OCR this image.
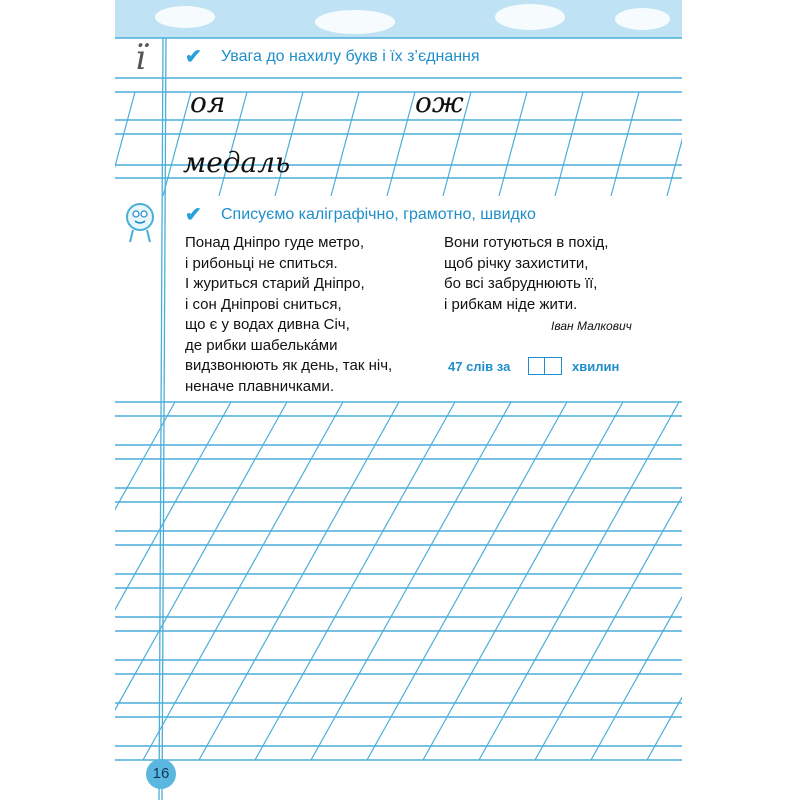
ї ✔ Увага до нахилу букв і їх з’єднання
оя	ож
медаль
✔ Списуємо каліграфічно, грамотно, швидко
Понад Дніпро гуде метро,
і рибоньці не спиться.
І журиться старий Дніпро,
і сон Дніпрові сниться,
що є у водах дивна Січ,
де рибки шабелькáми
видзвонюють як день, так ніч,
неначе плавничками.
Вони готуються в похід,
щоб річку захистити,
бо всі забруднюють її,
і рибкам ніде жити.
Іван Малкович
47 слів за	хвилин
16
